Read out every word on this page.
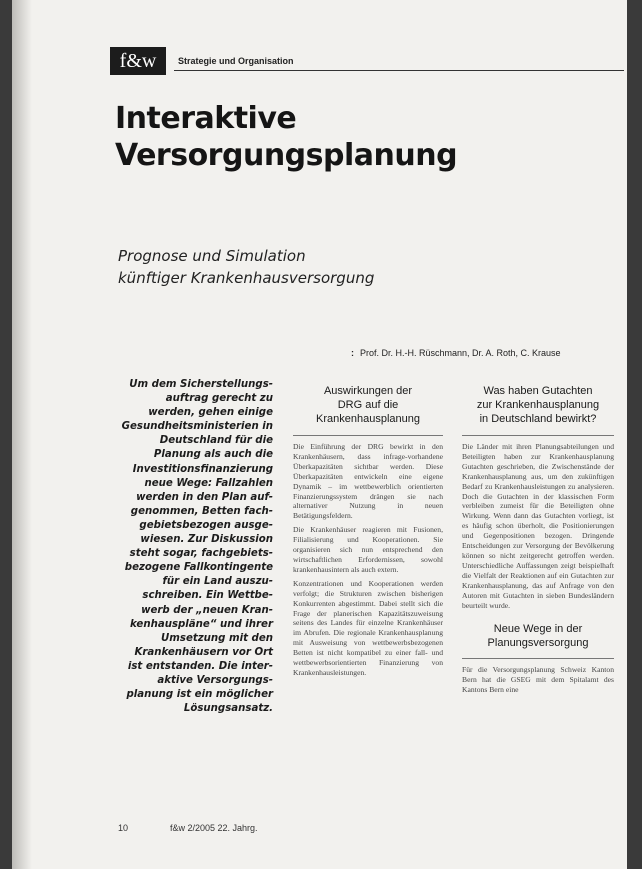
f&w	Strategie und Organisation
Interaktive
Versorgungsplanung
Prognose und Simulation
künftiger Krankenhausversorgung
: Prof. Dr. H.-H. Rüschmann, Dr. A. Roth, C. Krause
Um dem Sicherstellungs-auftrag gerecht zu werden, gehen einige Gesundheitsministerien in Deutschland für die Planung als auch die Investitionsfinanzierung neue Wege: Fallzahlen werden in den Plan auf-genommen, Betten fach-gebietsbezogen ausge-wiesen. Zur Diskussion steht sogar, fachgebiets-bezogene Fallkontingente für ein Land auszu-schreiben. Ein Wettbe-werb der „neuen Kran-kenhauspläne“ und ihrer Umsetzung mit den Krankenhäusern vor Ort ist entstanden. Die inter-aktive Versorgungs-planung ist ein möglicher Lösungsansatz.
Auswirkungen der
DRG auf die
Krankenhausplanung

Die Einführung der DRG bewirkt in den Krankenhäusern, dass infrage-vorhandene Überkapazitäten sichtbar werden. Diese Überkapazitäten entwickeln eine eigene Dynamik – im wettbewerblich orientierten Finanzierungssystem drängen sie nach alternativer Nutzung in neuen Betätigungsfeldern.

Die Krankenhäuser reagieren mit Fusionen, Filialisierung und Kooperationen. Sie organisieren sich nun entsprechend den wirtschaftlichen Erfordernissen, sowohl krankenhausintern als auch extern.

Konzentrationen und Kooperationen werden verfolgt; die Strukturen zwischen bisherigen Konkurrenten abgestimmt. Dabei stellt sich die Frage der planerischen Kapazitätszuweisung seitens des Landes für einzelne Krankenhäuser im Abrufen. Die regionale Krankenhausplanung mit Ausweisung von wettbewerbsbezogenen Betten ist nicht kompatibel zu einer fall- und wettbewerbsorientierten Finanzierung von Krankenhausleistungen.

Was haben Gutachten
zur Krankenhausplanung
in Deutschland bewirkt?

Die Länder mit ihren Planungsabteilungen und Beteiligten haben zur Krankenhausplanung Gutachten geschrieben, die Zwischenstände der Krankenhausplanung aus, um den zukünftigen Bedarf zu Krankenhausleistungen zu analysieren. Doch die Gutachten in der klassischen Form verbleiben zumeist für die Beteiligten ohne Wirkung. Wenn dann das Gutachten vorliegt, ist es häufig schon überholt, die Positionierungen und Gegenpositionen bezogen. Dringende Entscheidungen zur Versorgung der Bevölkerung können so nicht zeitgerecht getroffen werden. Unterschiedliche Auffassungen zeigt beispielhaft die Vielfalt der Reaktionen auf ein Gutachten zur Krankenhausplanung, das auf Anfrage von den Autoren mit Gutachten in sieben Bundesländern beurteilt wurde.

Neue Wege in der
Planungsversorgung

Für die Versorgungsplanung Schweiz Kanton Bern hat die GSEG mit dem Spitalamt des Kantons Bern eine

10	f&w 2/2005 22. Jahrg.
